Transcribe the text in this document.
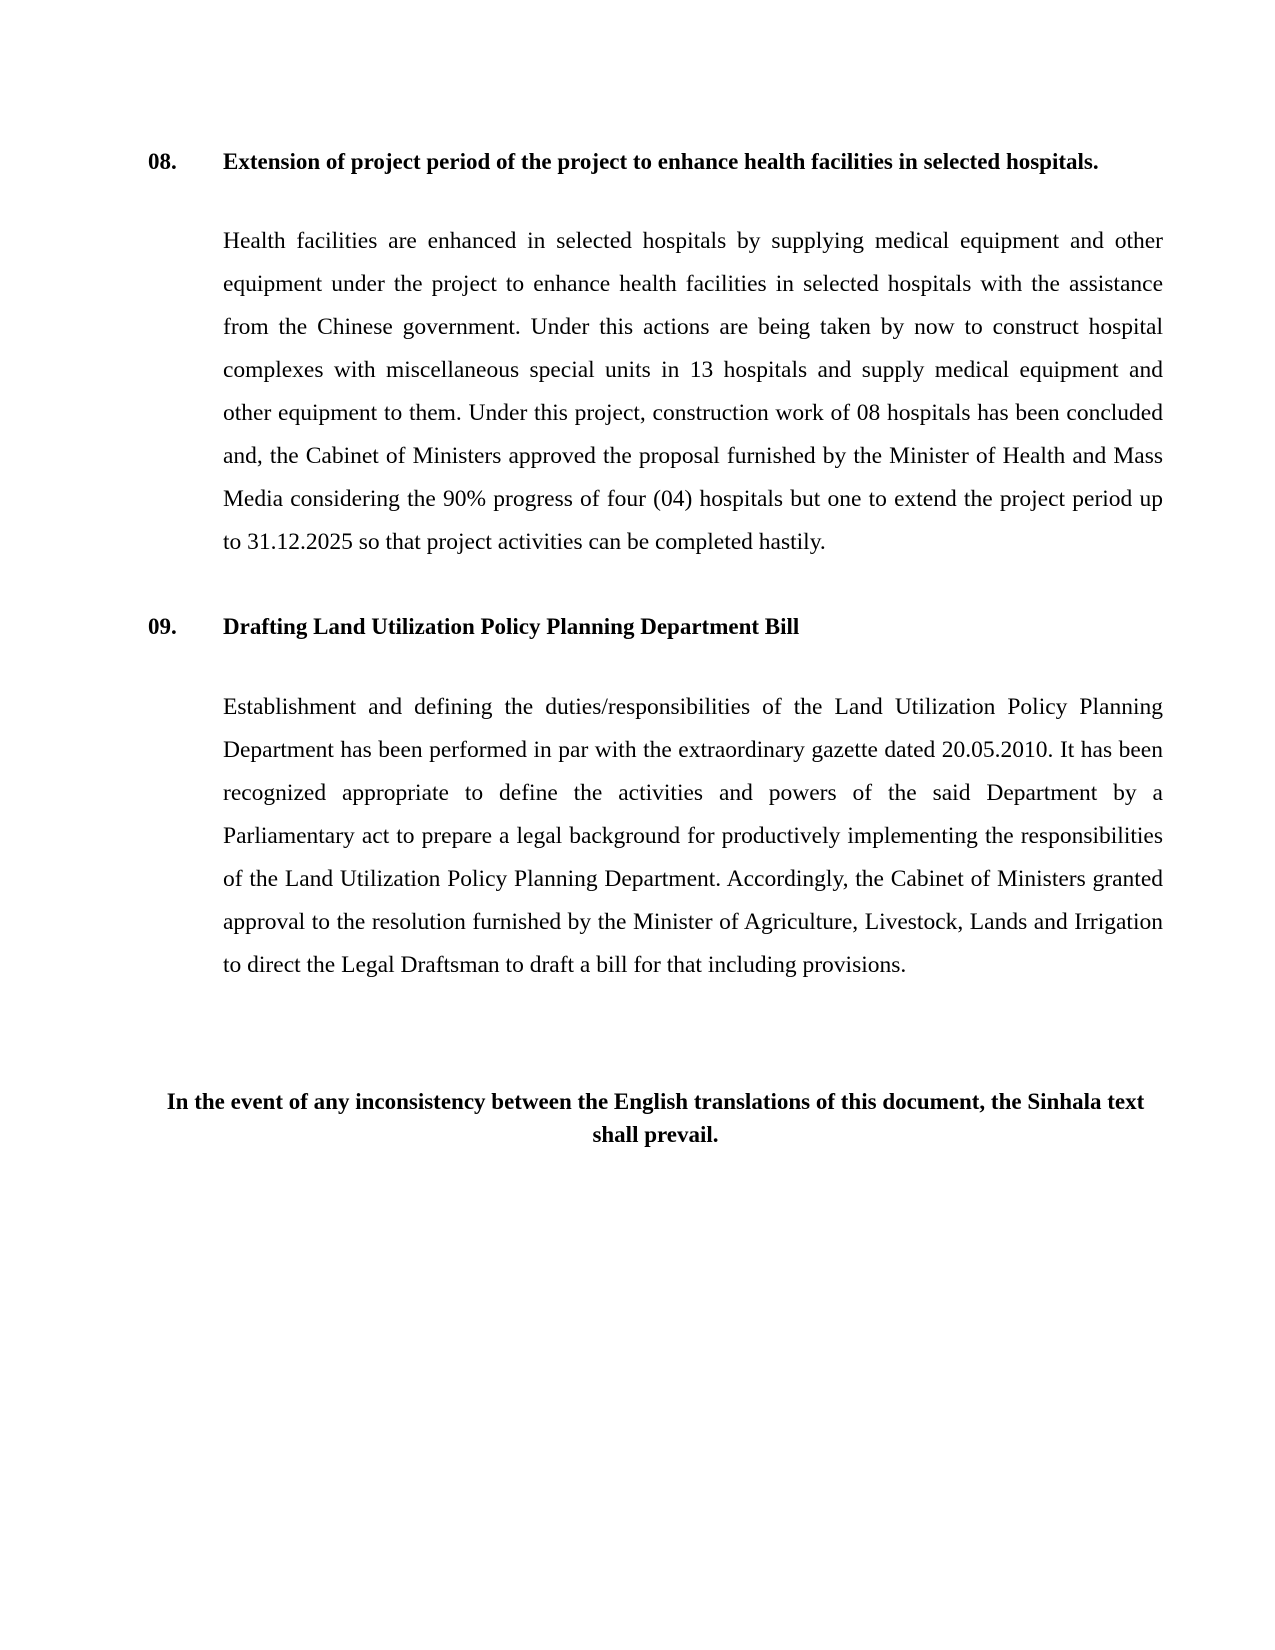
08. Extension of project period of the project to enhance health facilities in selected hospitals.

Health facilities are enhanced in selected hospitals by supplying medical equipment and other equipment under the project to enhance health facilities in selected hospitals with the assistance from the Chinese government. Under this actions are being taken by now to construct hospital complexes with miscellaneous special units in 13 hospitals and supply medical equipment and other equipment to them. Under this project, construction work of 08 hospitals has been concluded and, the Cabinet of Ministers approved the proposal furnished by the Minister of Health and Mass Media considering the 90% progress of four (04) hospitals but one to extend the project period up to 31.12.2025 so that project activities can be completed hastily.

09. Drafting Land Utilization Policy Planning Department Bill

Establishment and defining the duties/responsibilities of the Land Utilization Policy Planning Department has been performed in par with the extraordinary gazette dated 20.05.2010. It has been recognized appropriate to define the activities and powers of the said Department by a Parliamentary act to prepare a legal background for productively implementing the responsibilities of the Land Utilization Policy Planning Department. Accordingly, the Cabinet of Ministers granted approval to the resolution furnished by the Minister of Agriculture, Livestock, Lands and Irrigation to direct the Legal Draftsman to draft a bill for that including provisions.

In the event of any inconsistency between the English translations of this document, the Sinhala text shall prevail.
